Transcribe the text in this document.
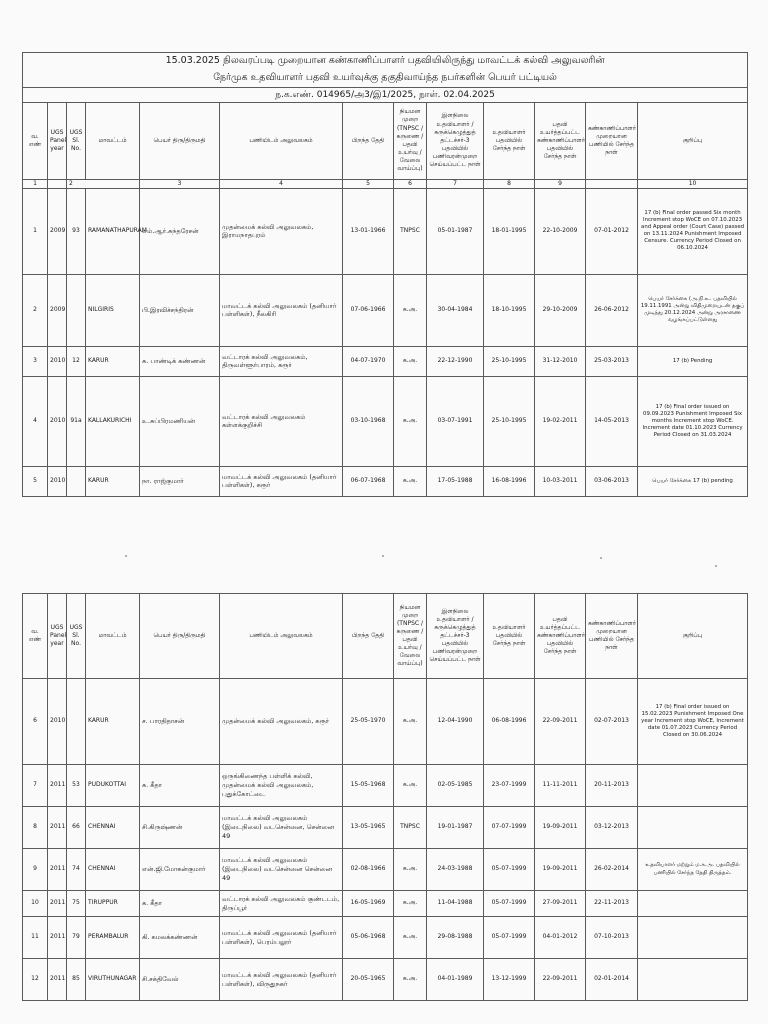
15.03.2025 நிலவரப்படி முறையான கண்காணிப்பாளர் பதவியிலிருந்து மாவட்டக் கல்வி அலுவலரின்												
நேர்முக உதவியாளர் பதவி உயர்வுக்கு தகுதிவாய்ந்த நபர்களின் பெயர் பட்டியல்												
ந.க.எண். 014965/அ3/இ1/2025, நாள். 02.04.2025												
வ. எண்	UGS Panel year	UGS Sl. No.	மாவட்டம்	பெயர் திரு/திருமதி	பணியிடம் அலுவலகம்	பிறந்த தேதி	நியமன முறை (TNPSC / கருணை / பதவி உயர்வு / வேலை வாய்ப்பு)	இளநிலை உதவியாளர் / சுருக்கெழுத்துத் தட்டச்சர்-3 பதவியில் பணிவரன்முறை செய்யப்பட்ட நாள்	உதவியாளர் பதவியில் சேர்ந்த நாள்	பதவி உயர்த்தப்பட்ட கண்காணிப்பாளர் பதவியில் சேர்ந்த நாள்	கண்காணிப்பாளர் முறையான பணியில் சேர்ந்த நாள்	குறிப்பு
1		2		3	4	5	6	7	8	9		10
1	2009	93	RAMANATHAPURAM	எம்.ஆர்.சுந்தரேசன்	முதன்மைக் கல்வி அலுவலகம், இராமநாதபுரம்	13-01-1966	TNPSC	05-01-1987	18-01-1995	22-10-2009	07-01-2012	17 (b) Final order passed Six month Increment stop WoCE on 07.10.2023 and Appeal order (Court Case) passed on 13.11.2024 Punishment Imposed Censure. Currency Period Closed on 06.10.2024
2	2009		NILGIRIS	பி.இரவிச்சந்திரன்	மாவட்டக் கல்வி அலுவலகம் (தனியார் பள்ளிகள்), நீலகிரி	07-06-1966	க.அ.	30-04-1984	18-10-1995	29-10-2009	26-06-2012	பெயர் சேர்க்கை (அ.நி.உ. பதவியில் 19.11.1991 அன்று விதிமுறையுடன் தகுப் முடிந்து 20.12.2024 அன்று அரசாணை வழங்கப்பட்டுள்ளது
3	2010	12	KARUR	சு. பாண்டிக் கண்ணன்	வட்டாரக் கல்வி அலுவலகம், திருவள்ளூர்பாரம், கரூர்	04-07-1970	க.அ.	22-12-1990	25-10-1995	31-12-2010	25-03-2013	17 (b) Pending
4	2010	91a	KALLAKURICHI	உ.சுப்பிரமணியன்	வட்டாரக் கல்வி அலுவலகம் கள்ளக்குறிச்சி	03-10-1968	க.அ.	03-07-1991	25-10-1995	19-02-2011	14-05-2013	17 (b) Final order issued on 09.09.2023 Punishment Imposed Six months Increment stop WoCE. Increment date 01.10.2023 Currency Period Closed on 31.03.2024
5	2010		KARUR	நா. ராஜ்குமார்	மாவட்டக் கல்வி அலுவலகம் (தனியார் பள்ளிகள்), கரூர்	06-07-1968	க.அ.	17-05-1988	16-08-1996	10-03-2011	03-06-2013	பெயர் சேர்க்கை 17 (b) pending
வ. எண்	UGS Panel year	UGS Sl. No.	மாவட்டம்	பெயர் திரு/திருமதி	பணியிடம் அலுவலகம்	பிறந்த தேதி	நியமன முறை (TNPSC / கருணை / பதவி உயர்வு / வேலை வாய்ப்பு)	இளநிலை உதவியாளர் / சுருக்கெழுத்துத் தட்டச்சர்-3 பதவியில் பணிவரன்முறை செய்யப்பட்ட நாள்	உதவியாளர் பதவியில் சேர்ந்த நாள்	பதவி உயர்த்தப்பட்ட கண்காணிப்பாளர் பதவியில் சேர்ந்த நாள்	கண்காணிப்பாளர் முறையான பணியில் சேர்ந்த நாள்	குறிப்பு
6	2010		KARUR	ச. பாரதிதாசன்	முதன்மைக் கல்வி அலுவலகம், கரூர்	25-05-1970	க.அ.	12-04-1990	06-08-1996	22-09-2011	02-07-2013	17 (b) Final order issued on 15.02.2023 Punishment Imposed One year Increment stop WoCE, Increment date 01.07.2023 Currency Period Closed on 30.06.2024
7	2011	53	PUDUKOTTAI	க. கீதா	ஒருங்கிணைந்த பள்ளிக் கல்வி, முதன்மைக் கல்வி அலுவலகம், புதுக்கோட்டை	15-05-1968	க.அ.	02-05-1985	23-07-1999	11-11-2011	20-11-2013	
8	2011	66	CHENNAI	சி.கிருஷ்ணன்	மாவட்டக் கல்வி அலுவலகம் (இடைநிலை) வடசென்னை, சென்னை 49	13-05-1965	TNPSC	19-01-1987	07-07-1999	19-09-2011	03-12-2013	
9	2011	74	CHENNAI	என்.ஜி.மோகன்குமார்	மாவட்டக் கல்வி அலுவலகம் (இடைநிலை) வடசென்னை சென்னை 49	02-08-1966	க.அ.	24-03-1988	05-07-1999	19-09-2011	26-02-2014	உதவியாளர் மற்றும் ம.க.அ. பதவியில் பணியில் சேர்ந்த தேதி திருத்தம்.
10	2011	75	TIRUPPUR	க. கீதா	வட்டாரக் கல்வி அலுவலகம் குண்டடம், திருப்பூர்	16-05-1969	க.அ.	11-04-1988	05-07-1999	27-09-2011	22-11-2013	
11	2011	79	PERAMBALUR	கி. கமலக்கண்ணன்	மாவட்டக் கல்வி அலுவலகம் (தனியார் பள்ளிகள்), பெரம்பலூர்	05-06-1968	க.அ.	29-08-1988	05-07-1999	04-01-2012	07-10-2013	
12	2011	85	VIRUTHUNAGAR	சி.சக்திவேல்	மாவட்டக் கல்வி அலுவலகம் (தனியார் பள்ளிகள்), விருதுநகர்	20-05-1965	க.அ.	04-01-1989	13-12-1999	22-09-2011	02-01-2014	
